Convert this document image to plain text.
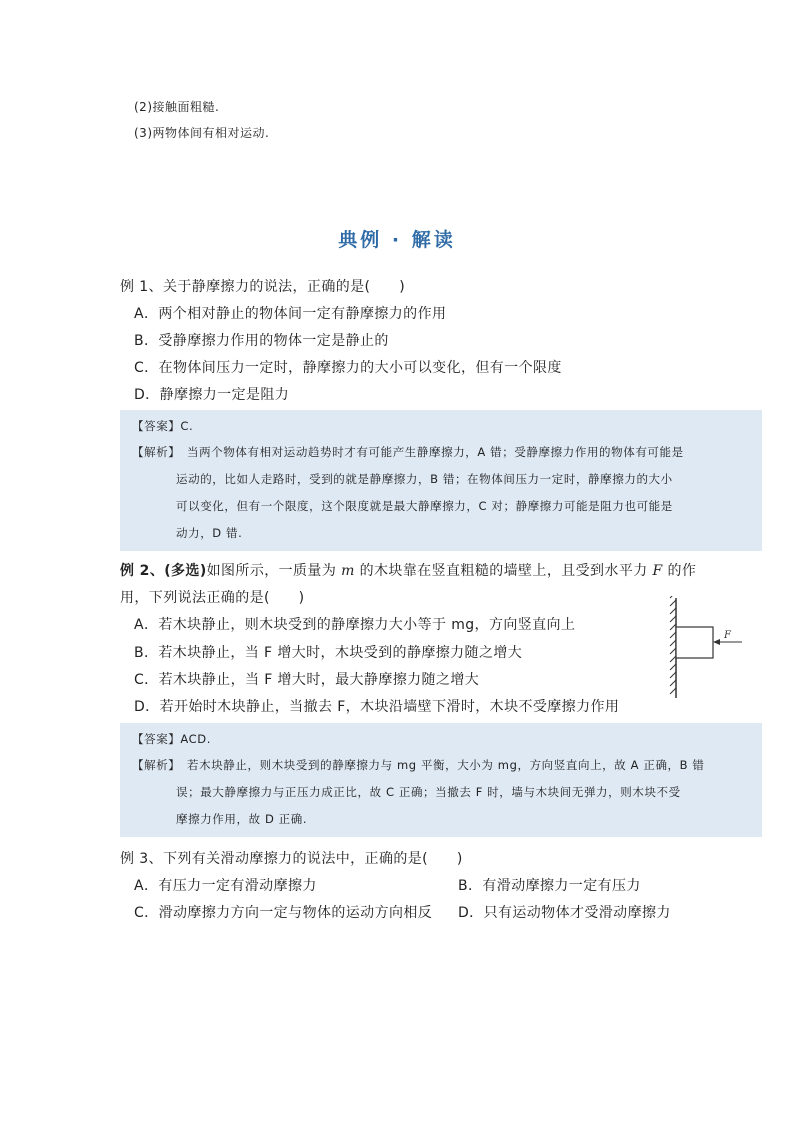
(2)接触面粗糙.
(3)两物体间有相对运动.
典例 · 解读
例 1、关于静摩擦力的说法，正确的是(　　)
A．两个相对静止的物体间一定有静摩擦力的作用
B．受静摩擦力作用的物体一定是静止的
C．在物体间压力一定时，静摩擦力的大小可以变化，但有一个限度
D．静摩擦力一定是阻力
【答案】C.
【解析】 当两个物体有相对运动趋势时才有可能产生静摩擦力，A 错；受静摩擦力作用的物体有可能是
运动的，比如人走路时，受到的就是静摩擦力，B 错；在物体间压力一定时，静摩擦力的大小
可以变化，但有一个限度，这个限度就是最大静摩擦力，C 对；静摩擦力可能是阻力也可能是
动力，D 错.
例 2、(多选)如图所示，一质量为 m 的木块靠在竖直粗糙的墙壁上，且受到水平力 F 的作
用，下列说法正确的是(　　)
A．若木块静止，则木块受到的静摩擦力大小等于 mg，方向竖直向上
B．若木块静止，当 F 增大时，木块受到的静摩擦力随之增大
C．若木块静止，当 F 增大时，最大静摩擦力随之增大
D．若开始时木块静止，当撤去 F，木块沿墙壁下滑时，木块不受摩擦力作用
F
【答案】ACD.
【解析】 若木块静止，则木块受到的静摩擦力与 mg 平衡，大小为 mg，方向竖直向上，故 A 正确，B 错
误；最大静摩擦力与正压力成正比，故 C 正确；当撤去 F 时，墙与木块间无弹力，则木块不受
摩擦力作用，故 D 正确.
例 3、下列有关滑动摩擦力的说法中，正确的是(　　)
A．有压力一定有滑动摩擦力	B．有滑动摩擦力一定有压力
C．滑动摩擦力方向一定与物体的运动方向相反 D．只有运动物体才受滑动摩擦力
